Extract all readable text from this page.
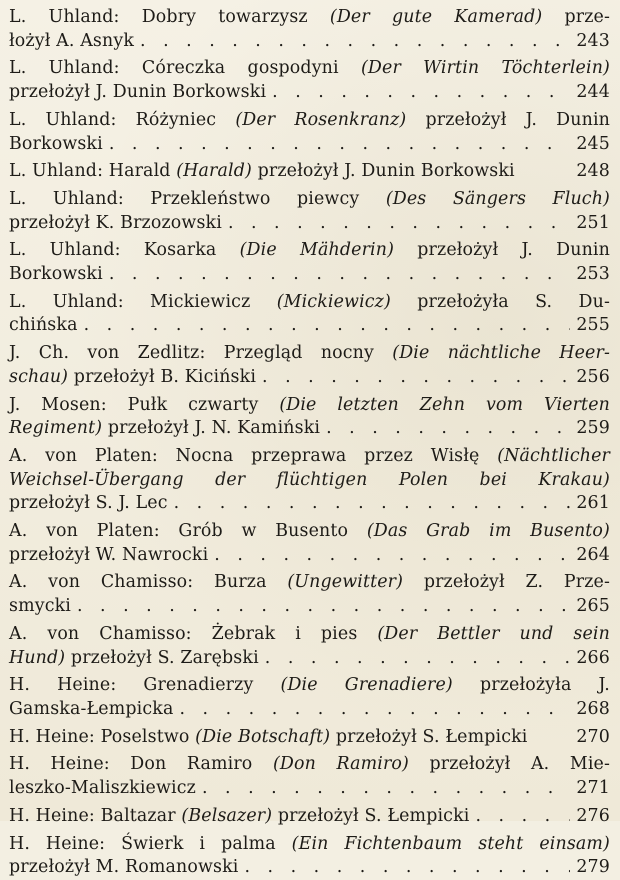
L. Uhland: Dobry towarzysz (Der gute Kamerad) prze-
łożył A. Asnyk . . .	243
L. Uhland: Córeczka gospodyni (Der Wirtin Töchterlein)
przełożył J. Dunin Borkowski . . .	244
L. Uhland: Różyniec (Der Rosenkranz) przełożył J. Dunin
Borkowski . . .	245
L. Uhland: Harald (Harald) przełożył J. Dunin Borkowski	248
L. Uhland: Przekleństwo piewcy (Des Sängers Fluch)
przełożył K. Brzozowski . . .	251
L. Uhland: Kosarka (Die Mähderin) przełożył J. Dunin
Borkowski . . .	253
L. Uhland: Mickiewicz (Mickiewicz) przełożyła S. Du-
chińska . . .	255
J. Ch. von Zedlitz: Przegląd nocny (Die nächtliche Heer-
schau) przełożył B. Kiciński . . .	256
J. Mosen: Pułk czwarty (Die letzten Zehn vom Vierten
Regiment) przełożył J. N. Kamiński . . .	259
A. von Platen: Nocna przeprawa przez Wisłę (Nächtlicher
Weichsel-Übergang der flüchtigen Polen bei Krakau)
przełożył S. J. Lec . . .	261
A. von Platen: Grób w Busento (Das Grab im Busento)
przełożył W. Nawrocki . . .	264
A. von Chamisso: Burza (Ungewitter) przełożył Z. Prze-
smycki . . .	265
A. von Chamisso: Żebrak i pies (Der Bettler und sein
Hund) przełożył S. Zarębski . . .	266
H. Heine: Grenadierzy (Die Grenadiere) przełożyła J.
Gamska-Łempicka . . .	268
H. Heine: Poselstwo (Die Botschaft) przełożył S. Łempicki	270
H. Heine: Don Ramiro (Don Ramiro) przełożył A. Mie-
leszko-Maliszkiewicz . . .	271
H. Heine: Baltazar (Belsazer) przełożył S. Łempicki . . .	276
H. Heine: Świerk i palma (Ein Fichtenbaum steht einsam)
przełożył M. Romanowski . . .	279
